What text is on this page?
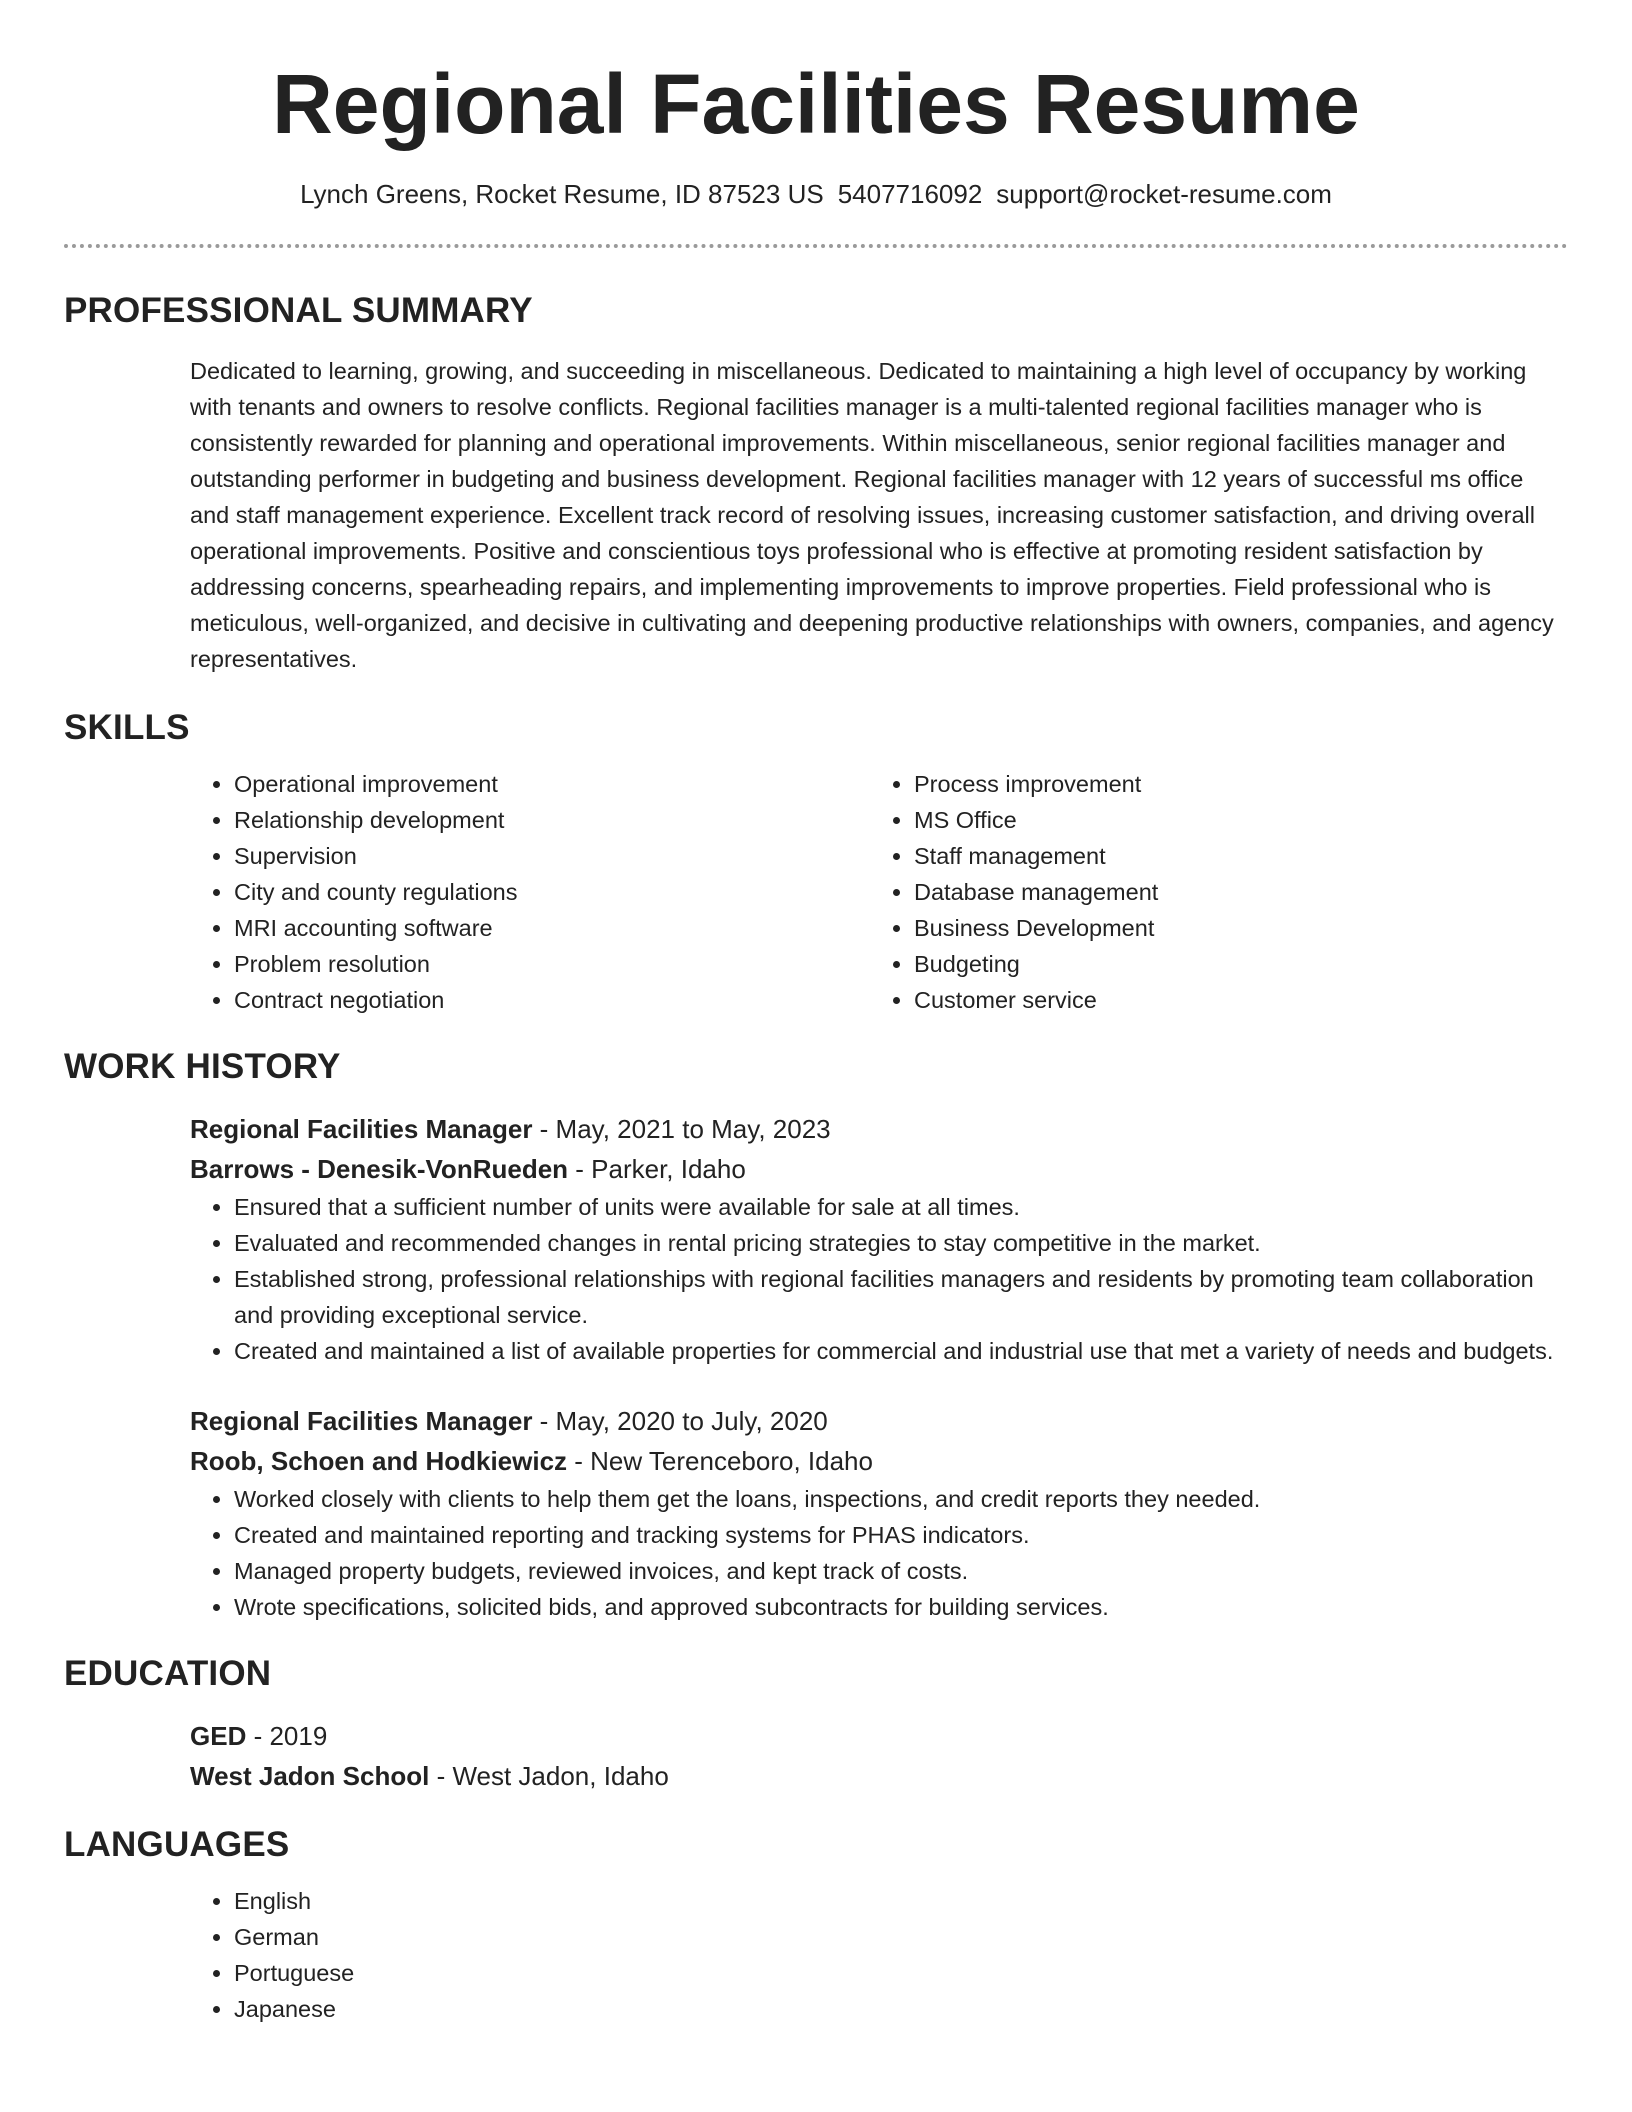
Regional Facilities Resume
Lynch Greens, Rocket Resume, ID 87523 US 5407716092 support@rocket-resume.com
PROFESSIONAL SUMMARY
Dedicated to learning, growing, and succeeding in miscellaneous. Dedicated to maintaining a high level of occupancy by working with tenants and owners to resolve conflicts. Regional facilities manager is a multi-talented regional facilities manager who is consistently rewarded for planning and operational improvements. Within miscellaneous, senior regional facilities manager and outstanding performer in budgeting and business development. Regional facilities manager with 12 years of successful ms office and staff management experience. Excellent track record of resolving issues, increasing customer satisfaction, and driving overall operational improvements. Positive and conscientious toys professional who is effective at promoting resident satisfaction by addressing concerns, spearheading repairs, and implementing improvements to improve properties. Field professional who is meticulous, well-organized, and decisive in cultivating and deepening productive relationships with owners, companies, and agency representatives.
SKILLS
• Operational improvement
• Relationship development
• Supervision
• City and county regulations
• MRI accounting software
• Problem resolution
• Contract negotiation
• Process improvement
• MS Office
• Staff management
• Database management
• Business Development
• Budgeting
• Customer service
WORK HISTORY
Regional Facilities Manager - May, 2021 to May, 2023
Barrows - Denesik-VonRueden - Parker, Idaho
• Ensured that a sufficient number of units were available for sale at all times.
• Evaluated and recommended changes in rental pricing strategies to stay competitive in the market.
• Established strong, professional relationships with regional facilities managers and residents by promoting team collaboration and providing exceptional service.
• Created and maintained a list of available properties for commercial and industrial use that met a variety of needs and budgets.
Regional Facilities Manager - May, 2020 to July, 2020
Roob, Schoen and Hodkiewicz - New Terenceboro, Idaho
• Worked closely with clients to help them get the loans, inspections, and credit reports they needed.
• Created and maintained reporting and tracking systems for PHAS indicators.
• Managed property budgets, reviewed invoices, and kept track of costs.
• Wrote specifications, solicited bids, and approved subcontracts for building services.
EDUCATION
GED - 2019
West Jadon School - West Jadon, Idaho
LANGUAGES
• English
• German
• Portuguese
• Japanese
